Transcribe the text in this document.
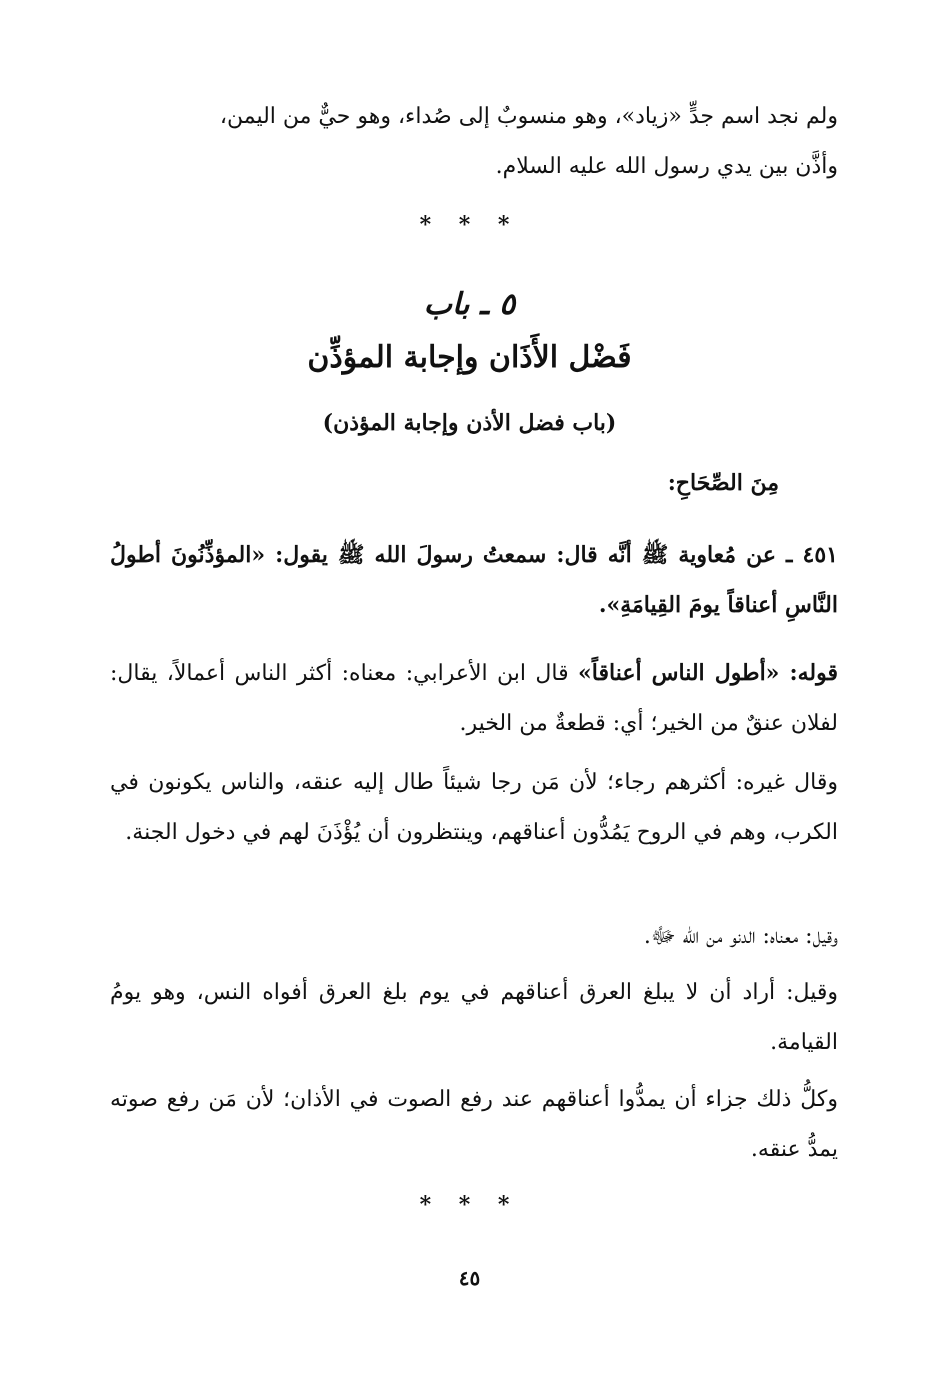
ولم نجد اسم جدٍّ «زياد»، وهو منسوبٌ إلى صُداء، وهو حيٌّ من اليمن،
وأذَّن بين يدي رسول الله عليه السلام.
* * *
٥ ـ باب
فَضْل الأَذَان وإجابة المؤذِّن
(باب فضل الأذن وإجابة المؤذن)
مِنَ الصِّحَاحِ:
٤٥١ ـ عن مُعاوية ﷺ أنَّه قال: سمعتُ رسولَ الله ﷺ يقول: «المؤذِّنُونَ أطولُ النَّاسِ أعناقاً يومَ القِيامَةِ».
قوله: «أطول الناس أعناقاً» قال ابن الأعرابي: معناه: أكثر الناس أعمالاً، يقال: لفلان عنقٌ من الخير؛ أي: قطعةٌ من الخير.
وقال غيره: أكثرهم رجاء؛ لأن مَن رجا شيئاً طال إليه عنقه، والناس يكونون في الكرب، وهم في الروح يَمُدُّون أعناقهم، وينتظرون أن يُؤْذَنَ لهم في دخول الجنة.
وقيل: معناه: الدنو من الله ﷻ.
وقيل: أراد أن لا يبلغ العرق أعناقهم في يوم بلغ العرق أفواه النس، وهو يومُ القيامة.
وكلُّ ذلك جزاء أن يمدُّوا أعناقهم عند رفع الصوت في الأذان؛ لأن مَن رفع صوته يمدُّ عنقه.
* * *
٤٥
